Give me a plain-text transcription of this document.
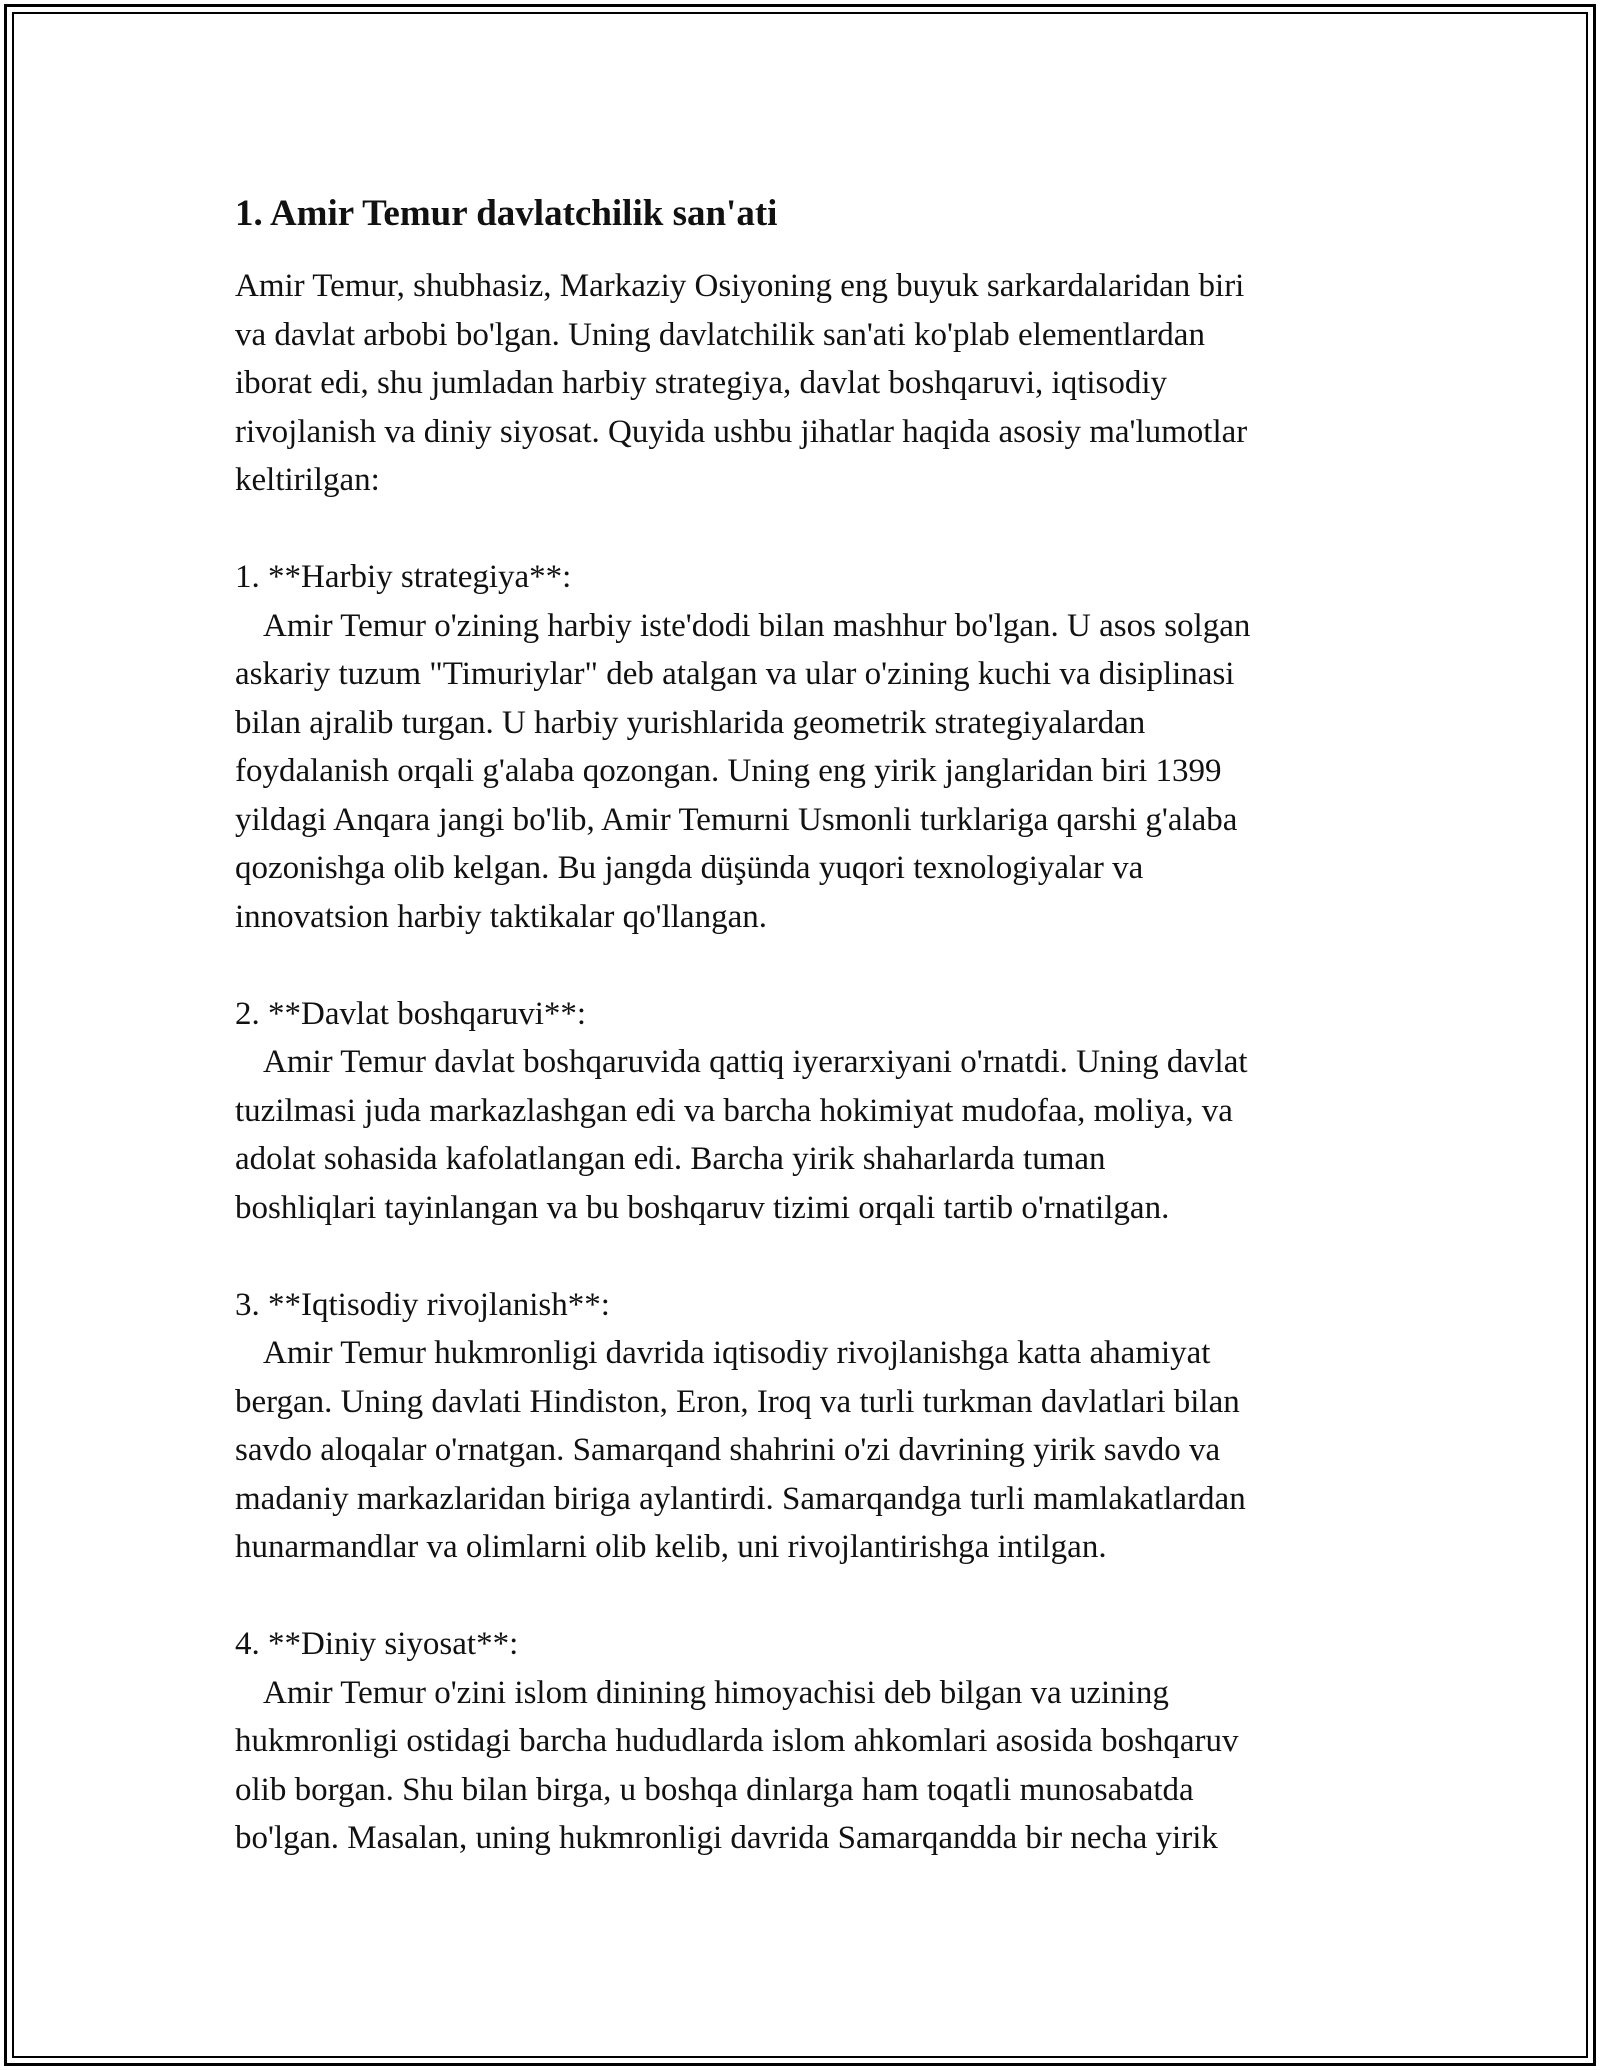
1. Amir Temur davlatchilik san'ati
Amir Temur, shubhasiz, Markaziy Osiyoning eng buyuk sarkardalaridan biri
va davlat arbobi bo'lgan. Uning davlatchilik san'ati ko'plab elementlardan
iborat edi, shu jumladan harbiy strategiya, davlat boshqaruvi, iqtisodiy
rivojlanish va diniy siyosat. Quyida ushbu jihatlar haqida asosiy ma'lumotlar
keltirilgan:
1. **Harbiy strategiya**:
Amir Temur o'zining harbiy iste'dodi bilan mashhur bo'lgan. U asos solgan
askariy tuzum "Timuriylar" deb atalgan va ular o'zining kuchi va disiplinasi
bilan ajralib turgan. U harbiy yurishlarida geometrik strategiyalardan
foydalanish orqali g'alaba qozongan. Uning eng yirik janglaridan biri 1399
yildagi Anqara jangi bo'lib, Amir Temurni Usmonli turklariga qarshi g'alaba
qozonishga olib kelgan. Bu jangda düşünda yuqori texnologiyalar va
innovatsion harbiy taktikalar qo'llangan.
2. **Davlat boshqaruvi**:
Amir Temur davlat boshqaruvida qattiq iyerarxiyani o'rnatdi. Uning davlat
tuzilmasi juda markazlashgan edi va barcha hokimiyat mudofaa, moliya, va
adolat sohasida kafolatlangan edi. Barcha yirik shaharlarda tuman
boshliqlari tayinlangan va bu boshqaruv tizimi orqali tartib o'rnatilgan.
3. **Iqtisodiy rivojlanish**:
Amir Temur hukmronligi davrida iqtisodiy rivojlanishga katta ahamiyat
bergan. Uning davlati Hindiston, Eron, Iroq va turli turkman davlatlari bilan
savdo aloqalar o'rnatgan. Samarqand shahrini o'zi davrining yirik savdo va
madaniy markazlaridan biriga aylantirdi. Samarqandga turli mamlakatlardan
hunarmandlar va olimlarni olib kelib, uni rivojlantirishga intilgan.
4. **Diniy siyosat**:
Amir Temur o'zini islom dinining himoyachisi deb bilgan va uzining
hukmronligi ostidagi barcha hududlarda islom ahkomlari asosida boshqaruv
olib borgan. Shu bilan birga, u boshqa dinlarga ham toqatli munosabatda
bo'lgan. Masalan, uning hukmronligi davrida Samarqandda bir necha yirik
